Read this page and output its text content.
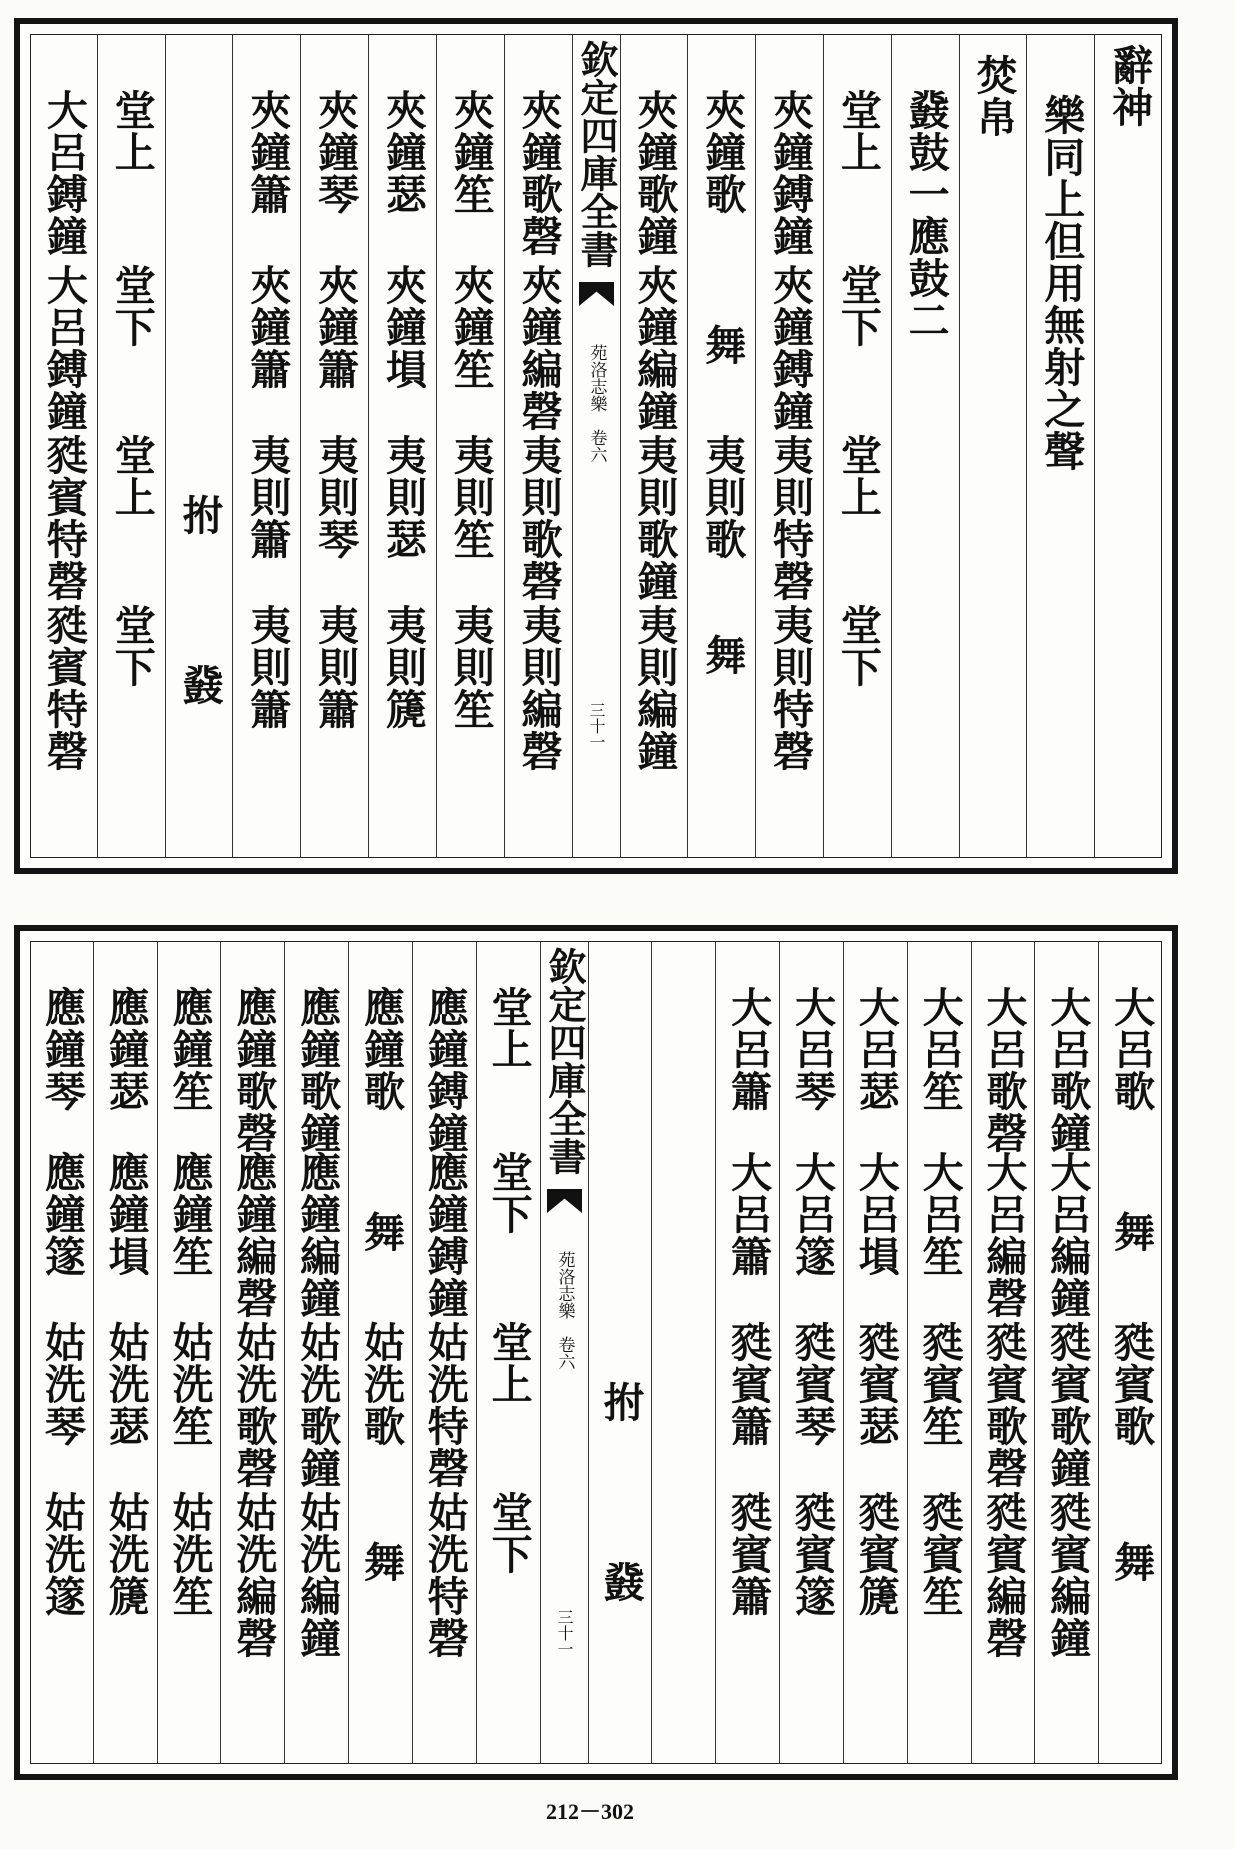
辭神
樂同上但用無射之聲
焚帛
鼗鼓一應鼓二
堂上
堂下
堂上
堂下
夾鐘鎛鐘
夾鐘鎛鐘
夷則特磬
夷則特磬
夾鐘歌
舞
夷則歌
舞
夾鐘歌鐘
夾鐘編鐘
夷則歌鐘
夷則編鐘
欽定四庫全書
苑洛志樂　卷六
三十一
夾鐘歌磬
夾鐘編磬
夷則歌磬
夷則編磬
夾鐘笙
夾鐘笙
夷則笙
夷則笙
夾鐘瑟
夾鐘塤
夷則瑟
夷則篪
夾鐘琴
夾鐘簫
夷則琴
夷則簫
夾鐘簫
夾鐘簫
夷則簫
夷則簫
拊
鼗
堂上
堂下
堂上
堂下
大呂鎛鐘
大呂鎛鐘
甤賓特磬
甤賓特磬
大呂歌
舞
甤賓歌
舞
大呂歌鐘
大呂編鐘
甤賓歌鐘
甤賓編鐘
大呂歌磬
大呂編磬
甤賓歌磬
甤賓編磬
大呂笙
大呂笙
甤賓笙
甤賓笙
大呂瑟
大呂塤
甤賓瑟
甤賓篪
大呂琴
大呂篴
甤賓琴
甤賓篴
大呂簫
大呂簫
甤賓簫
甤賓簫
拊
鼗
欽定四庫全書
苑洛志樂　卷六
三十一
堂上
堂下
堂上
堂下
應鐘鎛鐘
應鐘鎛鐘
姑洗特磬
姑洗特磬
應鐘歌
舞
姑洗歌
舞
應鐘歌鐘
應鐘編鐘
姑洗歌鐘
姑洗編鐘
應鐘歌磬
應鐘編磬
姑洗歌磬
姑洗編磬
應鐘笙
應鐘笙
姑洗笙
姑洗笙
應鐘瑟
應鐘塤
姑洗瑟
姑洗篪
應鐘琴
應鐘篴
姑洗琴
姑洗篴
212－302
